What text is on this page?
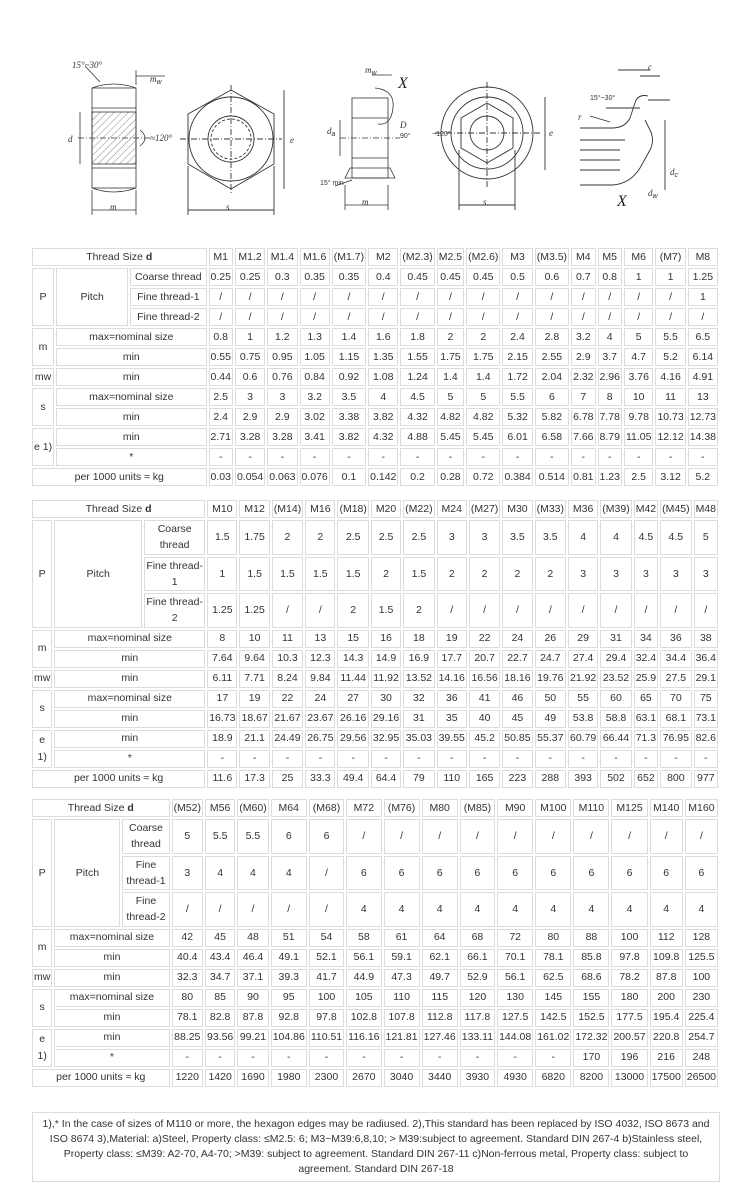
15°~30°
$m_w$
d	≈120°
m
e
s
$m_w$
X
$d_a$
D
90°	~120°
15° min
m
e
s
c
15°~30°
r
$d_c$
$d_w$
X
Thread Size d			M1	M1.2	M1.4	M1.6	(M1.7)	M2	(M2.3)	M2.5	(M2.6)	M3	(M3.5)	M4	M5	M6	(M7)	M8
P	Pitch	Coarse thread	0.25	0.25	0.3	0.35	0.35	0.4	0.45	0.45	0.45	0.5	0.6	0.7	0.8	1	1	1.25
		Fine thread-1	/	/	/	/	/	/	/	/	/	/	/	/	/	/	/	1
		Fine thread-2	/	/	/	/	/	/	/	/	/	/	/	/	/	/	/	/
m	max=nominal size		0.8	1	1.2	1.3	1.4	1.6	1.8	2	2	2.4	2.8	3.2	4	5	5.5	6.5
	min		0.55	0.75	0.95	1.05	1.15	1.35	1.55	1.75	1.75	2.15	2.55	2.9	3.7	4.7	5.2	6.14
mw	min		0.44	0.6	0.76	0.84	0.92	1.08	1.24	1.4	1.4	1.72	2.04	2.32	2.96	3.76	4.16	4.91
s	max=nominal size		2.5	3	3	3.2	3.5	4	4.5	5	5	5.5	6	7	8	10	11	13
	min		2.4	2.9	2.9	3.02	3.38	3.82	4.32	4.82	4.82	5.32	5.82	6.78	7.78	9.78	10.73	12.73
e 1)	min		2.71	3.28	3.28	3.41	3.82	4.32	4.88	5.45	5.45	6.01	6.58	7.66	8.79	11.05	12.12	14.38
	*		-	-	-	-	-	-	-	-	-	-	-	-	-	-	-	-
per 1000 units ≈ kg			0.03	0.054	0.063	0.076	0.1	0.142	0.2	0.28	0.72	0.384	0.514	0.81	1.23	2.5	3.12	5.2
Thread Size d			M10	M12	(M14)	M16	(M18)	M20	(M22)	M24	(M27)	M30	(M33)	M36	(M39)	M42	(M45)	M48
P	Pitch	Coarse thread	1.5	1.75	2	2	2.5	2.5	2.5	3	3	3.5	3.5	4	4	4.5	4.5	5
		Fine thread-1	1	1.5	1.5	1.5	1.5	2	1.5	2	2	2	2	3	3	3	3	3
		Fine thread-2	1.25	1.25	/	/	2	1.5	2	/	/	/	/	/	/	/	/	/
m	max=nominal size		8	10	11	13	15	16	18	19	22	24	26	29	31	34	36	38
	min		7.64	9.64	10.3	12.3	14.3	14.9	16.9	17.7	20.7	22.7	24.7	27.4	29.4	32.4	34.4	36.4
mw	min		6.11	7.71	8.24	9.84	11.44	11.92	13.52	14.16	16.56	18.16	19.76	21.92	23.52	25.9	27.5	29.1
s	max=nominal size		17	19	22	24	27	30	32	36	41	46	50	55	60	65	70	75
	min		16.73	18.67	21.67	23.67	26.16	29.16	31	35	40	45	49	53.8	58.8	63.1	68.1	73.1
e 1)	min		18.9	21.1	24.49	26.75	29.56	32.95	35.03	39.55	45.2	50.85	55.37	60.79	66.44	71.3	76.95	82.6
	*		-	-	-	-	-	-	-	-	-	-	-	-	-	-	-	-
per 1000 units ≈ kg			11.6	17.3	25	33.3	49.4	64.4	79	110	165	223	288	393	502	652	800	977
Thread Size d			(M52)	M56	(M60)	M64	(M68)	M72	(M76)	M80	(M85)	M90	M100	M110	M125	M140	M160
P	Pitch	Coarse thread	5	5.5	5.5	6	6	/	/	/	/	/	/	/	/	/	/
		Fine thread-1	3	4	4	4	/	6	6	6	6	6	6	6	6	6	6
		Fine thread-2	/	/	/	/	/	4	4	4	4	4	4	4	4	4	4
m	max=nominal size		42	45	48	51	54	58	61	64	68	72	80	88	100	112	128
	min		40.4	43.4	46.4	49.1	52.1	56.1	59.1	62.1	66.1	70.1	78.1	85.8	97.8	109.8	125.5
mw	min		32.3	34.7	37.1	39.3	41.7	44.9	47.3	49.7	52.9	56.1	62.5	68.6	78.2	87.8	100
s	max=nominal size		80	85	90	95	100	105	110	115	120	130	145	155	180	200	230
	min		78.1	82.8	87.8	92.8	97.8	102.8	107.8	112.8	117.8	127.5	142.5	152.5	177.5	195.4	225.4
e 1)	min		88.25	93.56	99.21	104.86	110.51	116.16	121.81	127.46	133.11	144.08	161.02	172.32	200.57	220.8	254.7
	*		-	-	-	-	-	-	-	-	-	-	-	170	196	216	248
per 1000 units ≈ kg			1220	1420	1690	1980	2300	2670	3040	3440	3930	4930	6820	8200	13000	17500	26500
1),* In the case of sizes of M110 or more, the hexagon edges may be radiused. 2),This standard has been replaced by ISO 4032, ISO 8673 and ISO 8674 3),Material: a)Steel, Property class: ≤M2.5: 6; M3~M39:6,8,10; > M39:subject to agreement. Standard DIN 267-4 b)Stainless steel, Property class: ≤M39: A2-70, A4-70; >M39: subject to agreement. Standard DIN 267-11 c)Non-ferrous metal, Property class: subject to agreement. Standard DIN 267-18
